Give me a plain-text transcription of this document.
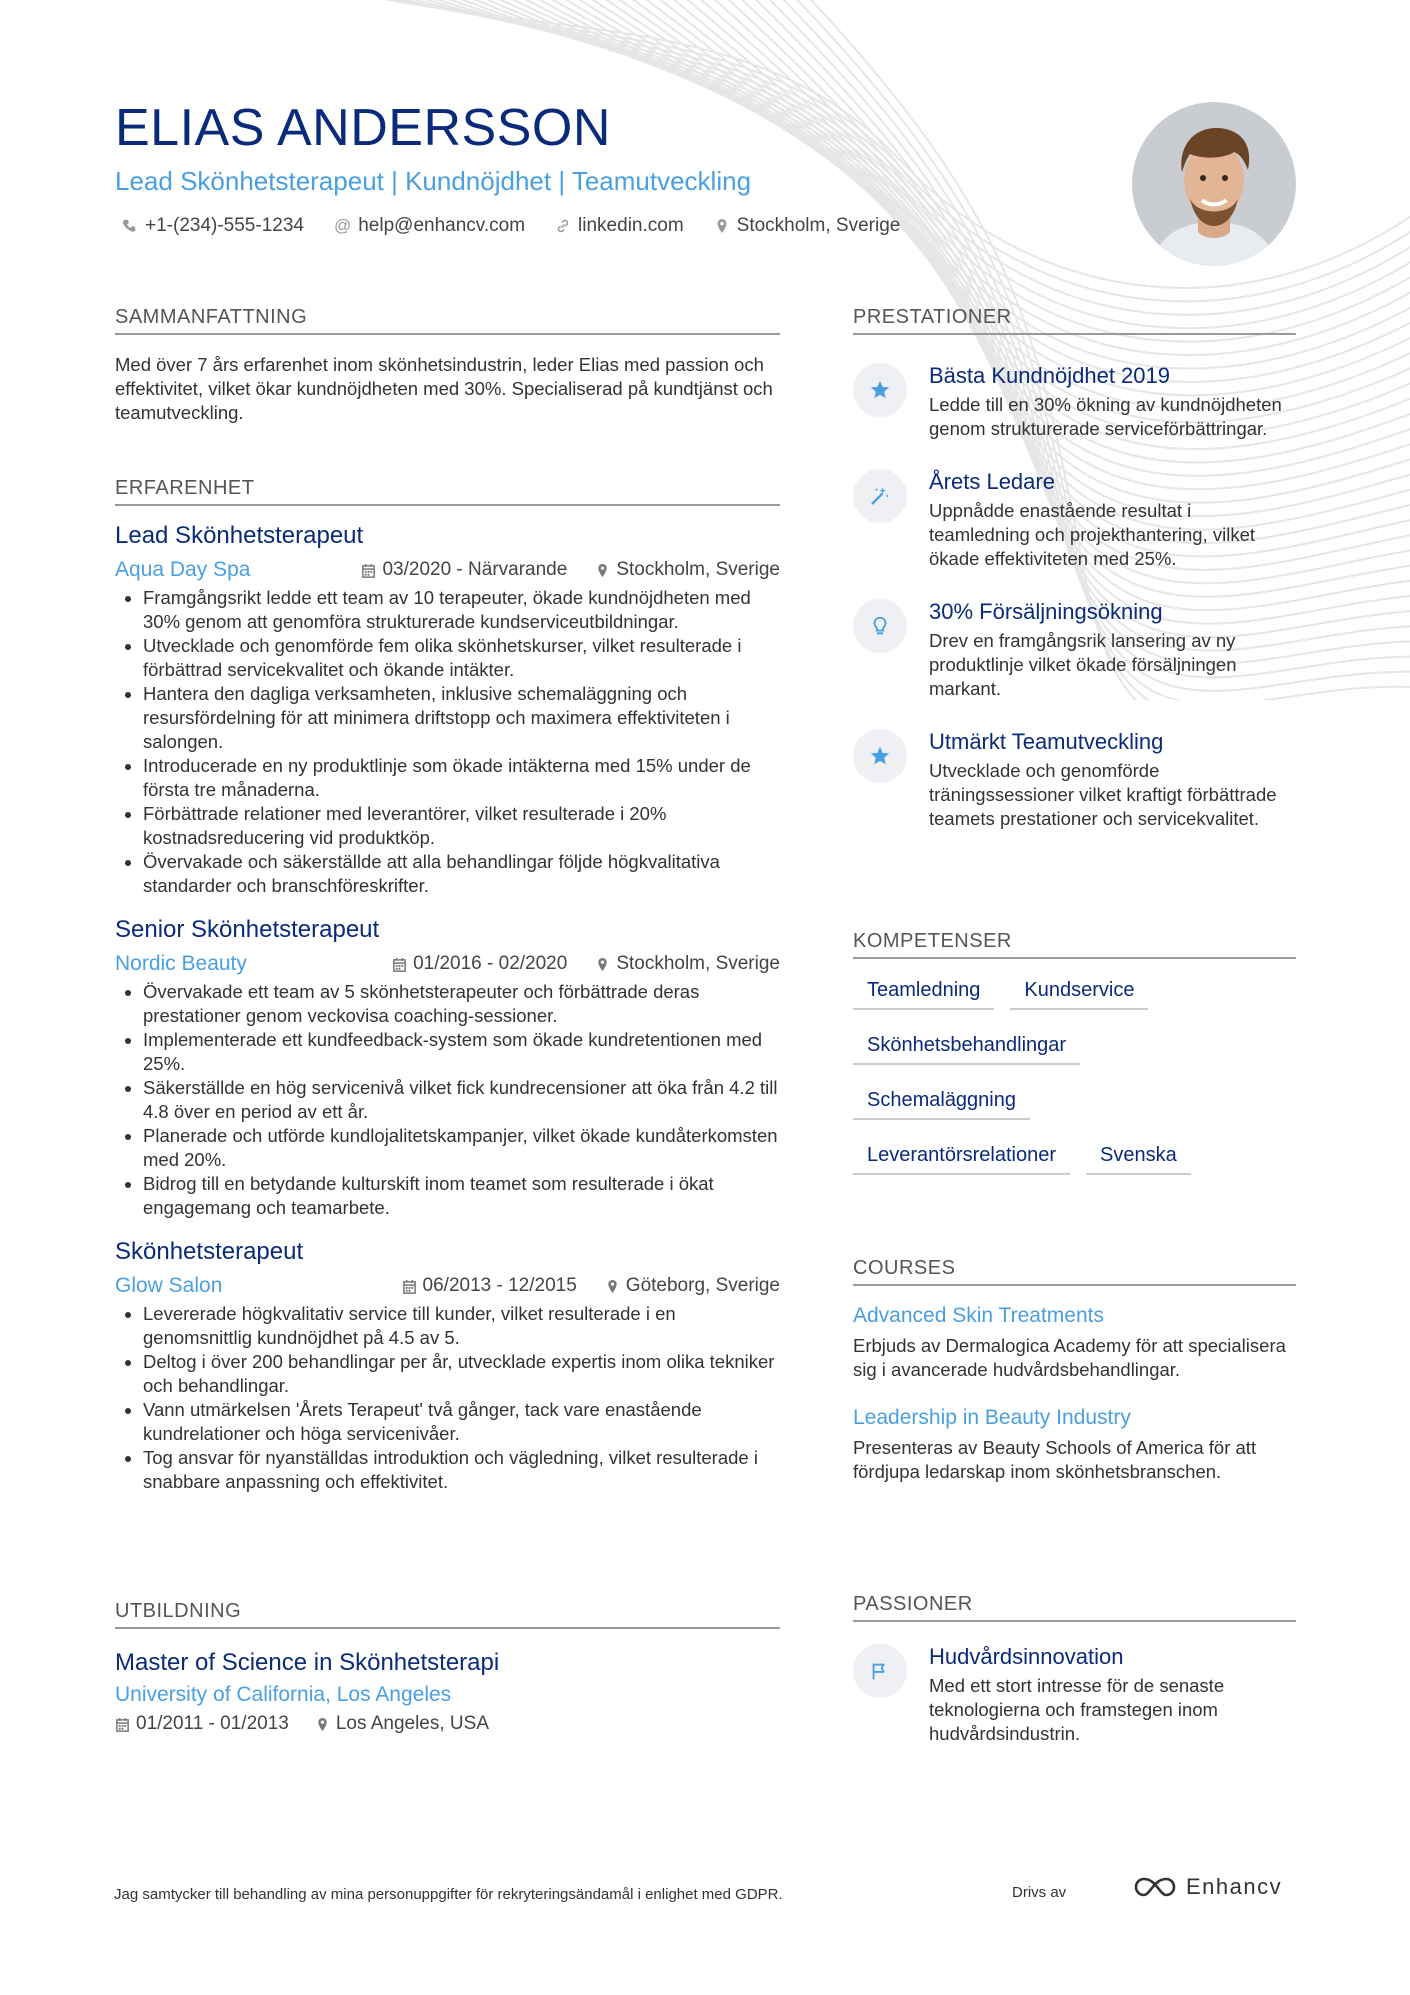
ELIAS ANDERSSON
Lead Skönhetsterapeut | Kundnöjdhet | Teamutveckling
+1-(234)-555-1234 @ help@enhancv.com	linkedin.com	Stockholm, Sverige
SAMMANFATTNING
Med över 7 års erfarenhet inom skönhetsindustrin, leder Elias med passion och effektivitet, vilket ökar kundnöjdheten med 30%. Specialiserad på kundtjänst och teamutveckling.
ERFARENHET
Lead Skönhetsterapeut
Aqua Day Spa	03/2020 - Närvarande	Stockholm, Sverige
• Framgångsrikt ledde ett team av 10 terapeuter, ökade kundnöjdheten med 30% genom att genomföra strukturerade kundserviceutbildningar.
• Utvecklade och genomförde fem olika skönhetskurser, vilket resulterade i förbättrad servicekvalitet och ökande intäkter.
• Hantera den dagliga verksamheten, inklusive schemaläggning och resursfördelning för att minimera driftstopp och maximera effektiviteten i salongen.
• Introducerade en ny produktlinje som ökade intäkterna med 15% under de första tre månaderna.
• Förbättrade relationer med leverantörer, vilket resulterade i 20% kostnadsreducering vid produktköp.
• Övervakade och säkerställde att alla behandlingar följde högkvalitativa standarder och branschföreskrifter.
Senior Skönhetsterapeut
Nordic Beauty	01/2016 - 02/2020	Stockholm, Sverige
• Övervakade ett team av 5 skönhetsterapeuter och förbättrade deras prestationer genom veckovisa coaching-sessioner.
• Implementerade ett kundfeedback-system som ökade kundretentionen med 25%.
• Säkerställde en hög servicenivå vilket fick kundrecensioner att öka från 4.2 till 4.8 över en period av ett år.
• Planerade och utförde kundlojalitetskampanjer, vilket ökade kundåterkomsten med 20%.
• Bidrog till en betydande kulturskift inom teamet som resulterade i ökat engagemang och teamarbete.
Skönhetsterapeut
Glow Salon	06/2013 - 12/2015	Göteborg, Sverige
• Levererade högkvalitativ service till kunder, vilket resulterade i en genomsnittlig kundnöjdhet på 4.5 av 5.
• Deltog i över 200 behandlingar per år, utvecklade expertis inom olika tekniker och behandlingar.
• Vann utmärkelsen 'Årets Terapeut' två gånger, tack vare enastående kundrelationer och höga servicenivåer.
• Tog ansvar för nyanställdas introduktion och vägledning, vilket resulterade i snabbare anpassning och effektivitet.
UTBILDNING
Master of Science in Skönhetsterapi
University of California, Los Angeles
01/2011 - 01/2013 Los Angeles, USA
PRESTATIONER
Bästa Kundnöjdhet 2019
Ledde till en 30% ökning av kundnöjdheten genom strukturerade serviceförbättringar.
Årets Ledare
Uppnådde enastående resultat i teamledning och projekthantering, vilket ökade effektiviteten med 25%.
30% Försäljningsökning
Drev en framgångsrik lansering av ny produktlinje vilket ökade försäljningen markant.
Utmärkt Teamutveckling
Utvecklade och genomförde träningssessioner vilket kraftigt förbättrade teamets prestationer och servicekvalitet.
KOMPETENSER
Teamledning	Kundservice
Skönhetsbehandlingar
Schemaläggning
Leverantörsrelationer	Svenska
COURSES
Advanced Skin Treatments
Erbjuds av Dermalogica Academy för att specialisera sig i avancerade hudvårdsbehandlingar.
Leadership in Beauty Industry
Presenteras av Beauty Schools of America för att fördjupa ledarskap inom skönhetsbranschen.
PASSIONER
Hudvårdsinnovation
Med ett stort intresse för de senaste teknologierna och framstegen inom hudvårdsindustrin.
Jag samtycker till behandling av mina personuppgifter för rekryteringsändamål i enlighet med GDPR.	Drivs av	Enhancv
